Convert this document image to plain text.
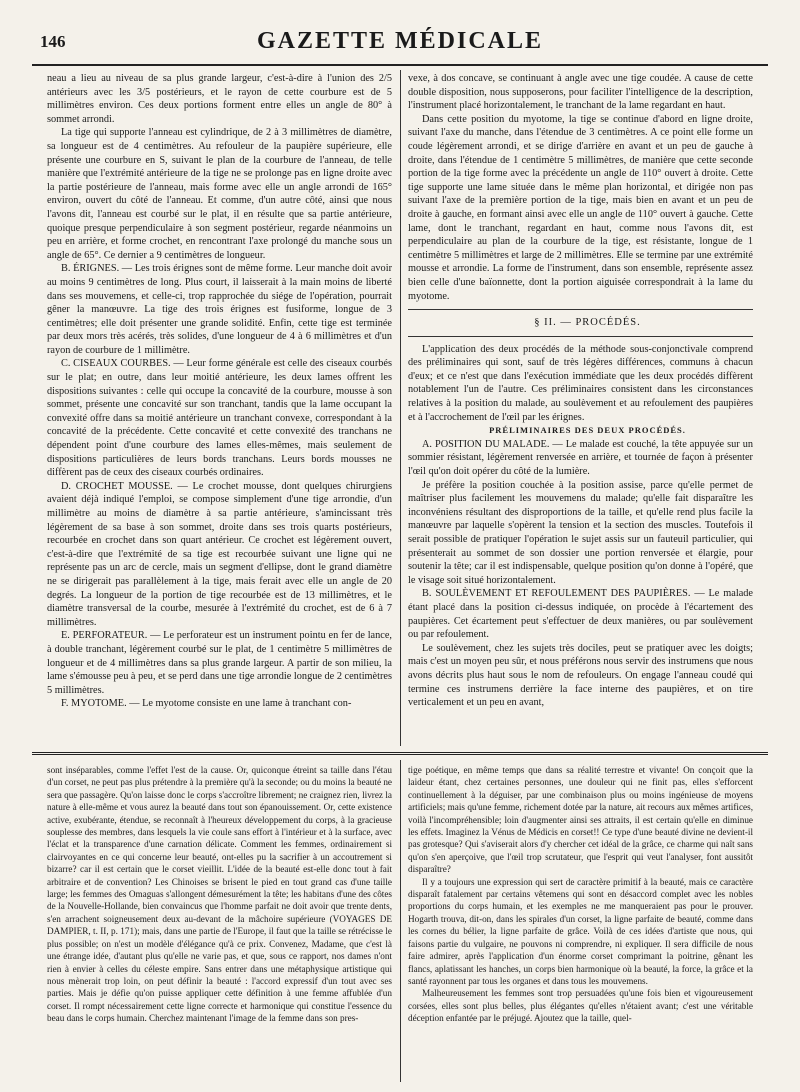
146	GAZETTE MÉDICALE

neau a lieu au niveau de sa plus grande largeur, c'est-à-dire à l'union des 2/5 antérieurs avec les 3/5 postérieurs, et le rayon de cette courbure est de 5 millimètres environ. Ces deux portions forment entre elles un angle de 80° à sommet arrondi.

La tige qui supporte l'anneau est cylindrique, de 2 à 3 millimètres de diamètre, sa longueur est de 4 centimètres. Au refouleur de la paupière supérieure, elle présente une courbure en S, suivant le plan de la courbure de l'anneau, de telle manière que l'extrémité antérieure de la tige ne se prolonge pas en ligne droite avec la partie postérieure de l'anneau, mais forme avec elle un angle arrondi de 165° environ, ouvert du côté de l'anneau. Et comme, d'un autre côté, ainsi que nous l'avons dit, l'anneau est courbé sur le plat, il en résulte que sa partie antérieure, quoique presque perpendiculaire à son segment postérieur, regarde néanmoins un peu en arrière, et forme crochet, en rencontrant l'axe prolongé du manche sous un angle de 65°. Ce dernier a 9 centimètres de longueur.

B. ÉRIGNES. — Les trois érignes sont de même forme. Leur manche doit avoir au moins 9 centimètres de long. Plus court, il laisserait à la main moins de liberté dans ses mouvemens, et celle-ci, trop rapprochée du siége de l'opération, pourrait gêner la manœuvre. La tige des trois érignes est fusiforme, longue de 3 centimètres; elle doit présenter une grande solidité. Enfin, cette tige est terminée par deux mors très acérés, très solides, d'une longueur de 4 à 6 millimètres et d'un rayon de courbure de 1 millimètre.

C. CISEAUX COURBES. — Leur forme générale est celle des ciseaux courbés sur le plat; en outre, dans leur moitié antérieure, les deux lames offrent les dispositions suivantes : celle qui occupe la concavité de la courbure, mousse à son sommet, présente une concavité sur son tranchant, tandis que la lame occupant la convexité offre dans sa moitié antérieure un tranchant convexe, correspondant à la concavité de la précédente. Cette concavité et cette convexité des tranchans ne dépendent point d'une courbure des lames elles-mêmes, mais seulement de dispositions particulières de leurs bords tranchans. Leurs bords mousses ne diffèrent pas de ceux des ciseaux courbés ordinaires.

D. CROCHET MOUSSE. — Le crochet mousse, dont quelques chirurgiens avaient déjà indiqué l'emploi, se compose simplement d'une tige arrondie, d'un millimètre au moins de diamètre à sa partie antérieure, s'amincissant très légèrement de sa base à son sommet, droite dans ses trois quarts postérieurs, recourbée en crochet dans son quart antérieur. Ce crochet est légèrement ouvert, c'est-à-dire que l'extrémité de sa tige est recourbée suivant une ligne qui ne représente pas un arc de cercle, mais un segment d'ellipse, dont le grand diamètre ne se dirigerait pas parallèlement à la tige, mais ferait avec elle un angle de 20 degrés. La longueur de la portion de tige recourbée est de 13 millimètres, et le diamètre transversal de la courbe, mesurée à l'extrémité du crochet, est de 6 à 7 millimètres.

E. PERFORATEUR. — Le perforateur est un instrument pointu en fer de lance, à double tranchant, légèrement courbé sur le plat, de 1 centimètre 5 millimètres de longueur et de 4 millimètres dans sa plus grande largeur. A partir de son milieu, la lame s'émousse peu à peu, et se perd dans une tige arrondie longue de 2 centimètres 5 millimètres.

F. MYOTOME. — Le myotome consiste en une lame à tranchant con-

vexe, à dos concave, se continuant à angle avec une tige coudée. A cause de cette double disposition, nous supposerons, pour faciliter l'intelligence de la description, l'instrument placé horizontalement, le tranchant de la lame regardant en haut.

Dans cette position du myotome, la tige se continue d'abord en ligne droite, suivant l'axe du manche, dans l'étendue de 3 centimètres. A ce point elle forme un coude légèrement arrondi, et se dirige d'arrière en avant et un peu de gauche à droite, dans l'étendue de 1 centimètre 5 millimètres, de manière que cette seconde portion de la tige forme avec la précédente un angle de 110° ouvert à droite. Cette tige supporte une lame située dans le même plan horizontal, et dirigée non pas suivant l'axe de la première portion de la tige, mais bien en avant et un peu de droite à gauche, en formant ainsi avec elle un angle de 110° ouvert à gauche. Cette lame, dont le tranchant, regardant en haut, comme nous l'avons dit, est perpendiculaire au plan de la courbure de la tige, est résistante, longue de 1 centimètre 5 millimètres et large de 2 millimètres. Elle se termine par une extrémité mousse et arrondie. La forme de l'instrument, dans son ensemble, représente assez bien celle d'une baïonnette, dont la portion aiguisée correspondrait à la lame du myotome.

§ II. — PROCÉDÉS.

L'application des deux procédés de la méthode sous-conjonctivale comprend des préliminaires qui sont, sauf de très légères différences, communs à chacun d'eux; et ce n'est que dans l'exécution immédiate que les deux procédés diffèrent notablement l'un de l'autre. Ces préliminaires consistent dans les circonstances relatives à la position du malade, au soulèvement et au refoulement des paupières et à l'accrochement de l'œil par les érignes.

PRÉLIMINAIRES DES DEUX PROCÉDÉS.

A. POSITION DU MALADE. — Le malade est couché, la tête appuyée sur un sommier résistant, légèrement renversée en arrière, et tournée de façon à présenter l'œil qu'on doit opérer du côté de la lumière.

Je préfère la position couchée à la position assise, parce qu'elle permet de maîtriser plus facilement les mouvemens du malade; qu'elle fait disparaître les inconvéniens résultant des disproportions de la taille, et qu'elle rend plus facile la manœuvre par laquelle s'opèrent la tension et la section des muscles. Toutefois il serait possible de pratiquer l'opération le sujet assis sur un fauteuil particulier, qui présenterait au sommet de son dossier une portion renversée et élargie, pour soutenir la tête; car il est indispensable, quelque position qu'on donne à l'opéré, que le visage soit situé horizontalement.

B. SOULÈVEMENT ET REFOULEMENT DES PAUPIÈRES. — Le malade étant placé dans la position ci-dessus indiquée, on procède à l'écartement des paupières. Cet écartement peut s'effectuer de deux manières, ou par soulèvement ou par refoulement.

Le soulèvement, chez les sujets très dociles, peut se pratiquer avec les doigts; mais c'est un moyen peu sûr, et nous préférons nous servir des instrumens que nous avons décrits plus haut sous le nom de refouleurs. On engage l'anneau coudé qui termine ces instrumens derrière la face interne des paupières, et on tire verticalement et un peu en avant,

sont inséparables, comme l'effet l'est de la cause. Or, quiconque étreint sa taille dans l'étau d'un corset, ne peut pas plus prétendre à la première qu'à la seconde; ou du moins la beauté ne sera que passagère. Qu'on laisse donc le corps s'accroître librement; ne craignez rien, livrez la nature à elle-même et vous aurez la beauté dans tout son épanouissement. Or, cette existence active, exubérante, étendue, se reconnaît à l'heureux développement du corps, à la gracieuse souplesse des membres, dans lesquels la vie coule sans effort à l'intérieur et à la surface, avec l'éclat et la transparence d'une carnation délicate. Comment les femmes, ordinairement si clairvoyantes en ce qui concerne leur beauté, ont-elles pu la sacrifier à un accoutrement si bizarre? car il est certain que le corset vieillit. L'idée de la beauté est-elle donc tout à fait arbitraire et de convention? Les Chinoises se brisent le pied en tout grand cas d'une taille large; les femmes des Omaguas s'allongent démesurément la tête; les habitans d'une des côtes de la Nouvelle-Hollande, bien convaincus que l'homme parfait ne doit avoir que trente dents, s'en arrachent soigneusement deux au-devant de la mâchoire supérieure (VOYAGES DE DAMPIER, t. II, p. 171); mais, dans une partie de l'Europe, il faut que la taille se rétrécisse le plus possible; on n'est un modèle d'élégance qu'à ce prix. Convenez, Madame, que c'est là une étrange idée, d'autant plus qu'elle ne varie pas, et que, sous ce rapport, nos dames n'ont rien à envier à celles du céleste empire. Sans entrer dans une métaphysique artistique qui nous mènerait trop loin, on peut définir la beauté : l'accord expressif d'un tout avec ses parties. Mais je défie qu'on puisse appliquer cette définition à une femme affublée d'un corset. Il rompt nécessairement cette ligne correcte et harmonique qui constitue l'essence du beau dans le corps humain. Cherchez maintenant l'image de la femme dans son pres-

tige poétique, en même temps que dans sa réalité terrestre et vivante! On conçoit que la laideur étant, chez certaines personnes, une douleur qui ne finit pas, elles s'efforcent continuellement à la déguiser, par une combinaison plus ou moins ingénieuse de moyens artificiels; mais qu'une femme, richement dotée par la nature, ait recours aux mêmes artifices, voilà l'incompréhensible; loin d'augmenter ainsi ses attraits, il est certain qu'elle en diminue les effets. Imaginez la Vénus de Médicis en corset!! Ce type d'une beauté divine ne devient-il pas grotesque? Qui s'aviserait alors d'y chercher cet idéal de la grâce, ce charme qui naît sans qu'on s'en aperçoive, que l'œil trop scrutateur, que l'esprit qui veut l'analyser, font aussitôt disparaître?

Il y a toujours une expression qui sert de caractère primitif à la beauté, mais ce caractère disparaît fatalement par certains vêtemens qui sont en désaccord complet avec les nobles proportions du corps humain, et les exemples ne me manqueraient pas pour le prouver. Hogarth trouva, dit-on, dans les spirales d'un corset, la ligne parfaite de beauté, comme dans les cornes du bélier, la ligne parfaite de grâce. Voilà de ces idées d'artiste que nous, qui faisons partie du vulgaire, ne pouvons ni comprendre, ni expliquer. Il sera difficile de nous faire admirer, après l'application d'un énorme corset comprimant la poitrine, gênant les flancs, aplatissant les hanches, un corps bien harmonique où la beauté, la force, la grâce et la santé rayonnent par tous les organes et dans tous les mouvemens.

Malheureusement les femmes sont trop persuadées qu'une fois bien et vigoureusement corsées, elles sont plus belles, plus élégantes qu'elles n'étaient avant; c'est une véritable déception enfantée par le préjugé. Ajoutez que la taille, quel-
